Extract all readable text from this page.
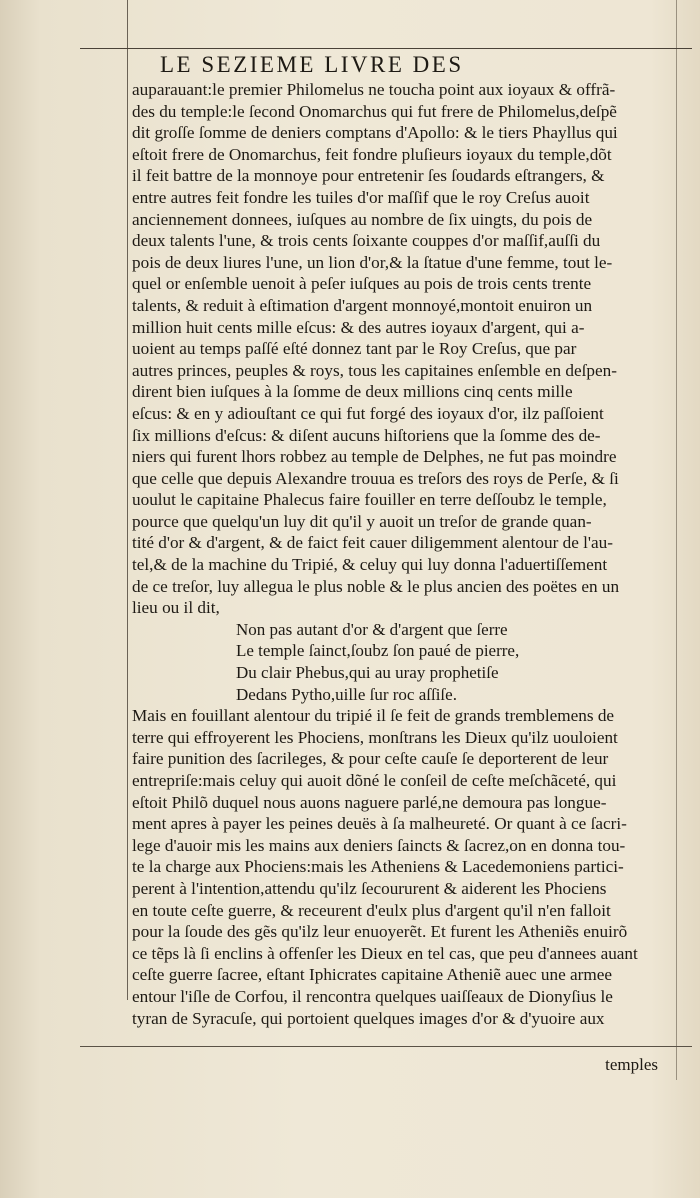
LE SEZIEME LIVRE DES
auparauant:le premier Philomelus ne toucha point aux ioyaux & offrã-
des du temple:le ſecond Onomarchus qui fut frere de Philomelus,deſpẽ
dit groſſe ſomme de deniers comptans d'Apollo: & le tiers Phayllus qui
eſtoit frere de Onomarchus, feit fondre pluſieurs ioyaux du temple,dõt
il feit battre de la monnoye pour entretenir ſes ſoudards eſtrangers, &
entre autres feit fondre les tuiles d'or maſſif que le roy Creſus auoit
anciennement donnees, iuſques au nombre de ſix uingts, du pois de
deux talents l'une, & trois cents ſoixante couppes d'or maſſif,auſſi du
pois de deux liures l'une, un lion d'or,& la ſtatue d'une femme, tout le-
quel or enſemble uenoit à peſer iuſques au pois de trois cents trente
talents, & reduit à eſtimation d'argent monnoyé,montoit enuiron un
million huit cents mille eſcus: & des autres ioyaux d'argent, qui a-
uoient au temps paſſé eſté donnez tant par le Roy Creſus, que par
autres princes, peuples & roys, tous les capitaines enſemble en deſpen-
dirent bien iuſques à la ſomme de deux millions cinq cents mille
eſcus: & en y adiouſtant ce qui fut forgé des ioyaux d'or, ilz paſſoient
ſix millions d'eſcus: & diſent aucuns hiſtoriens que la ſomme des de-
niers qui furent lhors robbez au temple de Delphes, ne fut pas moindre
que celle que depuis Alexandre trouua es treſors des roys de Perſe, & ſi
uoulut le capitaine Phalecus faire fouiller en terre deſſoubz le temple,
pource que quelqu'un luy dit qu'il y auoit un treſor de grande quan-
tité d'or & d'argent, & de faict feit cauer diligemment alentour de l'au-
tel,& de la machine du Tripié, & celuy qui luy donna l'aduertiſſement
de ce treſor, luy allegua le plus noble & le plus ancien des poëtes en un
lieu ou il dit,
Non pas autant d'or & d'argent que ſerre
Le temple ſainct,ſoubz ſon paué de pierre,
Du clair Phebus,qui au uray prophetiſe
Dedans Pytho,uille ſur roc aſſiſe.
Mais en fouillant alentour du tripié il ſe feit de grands tremblemens de
terre qui effroyerent les Phociens, monſtrans les Dieux qu'ilz uouloient
faire punition des ſacrileges, & pour ceſte cauſe ſe deporterent de leur
entrepriſe:mais celuy qui auoit dõné le conſeil de ceſte meſchãceté, qui
eſtoit Philõ duquel nous auons naguere parlé,ne demoura pas longue-
ment apres à payer les peines deuës à ſa malheureté. Or quant à ce ſacri-
lege d'auoir mis les mains aux deniers ſaincts & ſacrez,on en donna tou-
te la charge aux Phociens:mais les Atheniens & Lacedemoniens partici-
perent à l'intention,attendu qu'ilz ſecoururent & aiderent les Phociens
en toute ceſte guerre, & receurent d'eulx plus d'argent qu'il n'en falloit
pour la ſoude des gẽs qu'ilz leur enuoyerẽt. Et furent les Atheniẽs enuirõ
ce tẽps là ſi enclins à offenſer les Dieux en tel cas, que peu d'annees auant
ceſte guerre ſacree, eſtant Iphicrates capitaine Atheniẽ auec une armee
entour l'iſle de Corfou, il rencontra quelques uaiſſeaux de Dionyſius le
tyran de Syracuſe, qui portoient quelques images d'or & d'yuoire aux
temples
